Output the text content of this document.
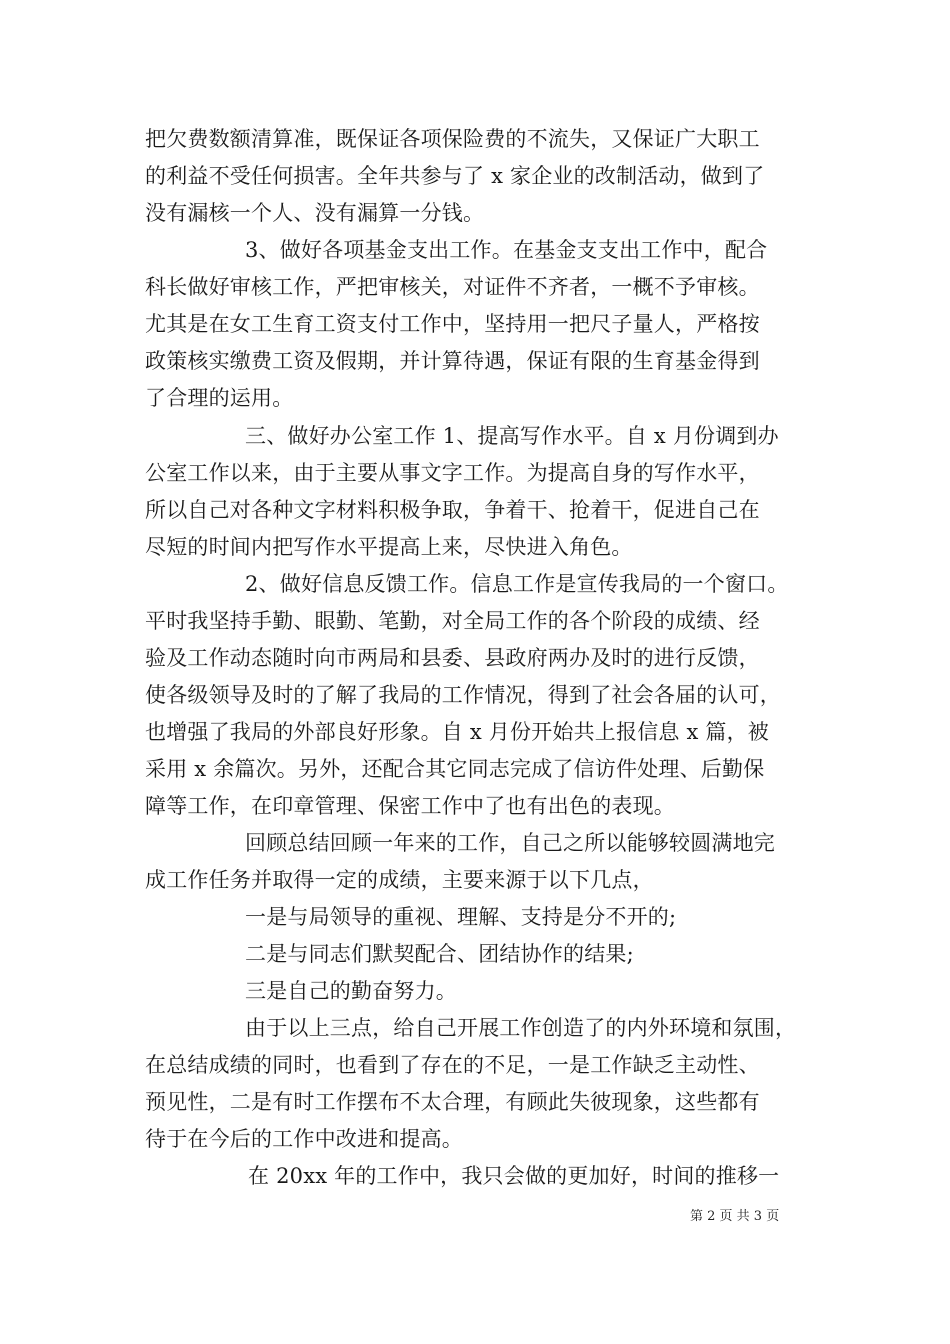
把欠费数额清算准，既保证各项保险费的不流失，又保证广大职工
的利益不受任何损害。全年共参与了 x 家企业的改制活动，做到了
没有漏核一个人、没有漏算一分钱。
3、做好各项基金支出工作。在基金支支出工作中，配合
科长做好审核工作，严把审核关，对证件不齐者，一概不予审核。
尤其是在女工生育工资支付工作中，坚持用一把尺子量人，严格按
政策核实缴费工资及假期，并计算待遇，保证有限的生育基金得到
了合理的运用。
三、做好办公室工作 1、提高写作水平。自 x 月份调到办
公室工作以来，由于主要从事文字工作。为提高自身的写作水平，
所以自己对各种文字材料积极争取，争着干、抢着干，促进自己在
尽短的时间内把写作水平提高上来，尽快进入角色。
2、做好信息反馈工作。信息工作是宣传我局的一个窗口。
平时我坚持手勤、眼勤、笔勤，对全局工作的各个阶段的成绩、经
验及工作动态随时向市两局和县委、县政府两办及时的进行反馈，
使各级领导及时的了解了我局的工作情况，得到了社会各届的认可，
也增强了我局的外部良好形象。自 x 月份开始共上报信息 x 篇，被
采用 x 余篇次。另外，还配合其它同志完成了信访件处理、后勤保
障等工作，在印章管理、保密工作中了也有出色的表现。
回顾总结回顾一年来的工作，自己之所以能够较圆满地完
成工作任务并取得一定的成绩，主要来源于以下几点，
一是与局领导的重视、理解、支持是分不开的;
二是与同志们默契配合、团结协作的结果;
三是自己的勤奋努力。
由于以上三点，给自己开展工作创造了的内外环境和氛围，
在总结成绩的同时，也看到了存在的不足，一是工作缺乏主动性、
预见性，二是有时工作摆布不太合理，有顾此失彼现象，这些都有
待于在今后的工作中改进和提高。
在 20xx 年的工作中，我只会做的更加好，时间的推移一
第 2 页 共 3 页
